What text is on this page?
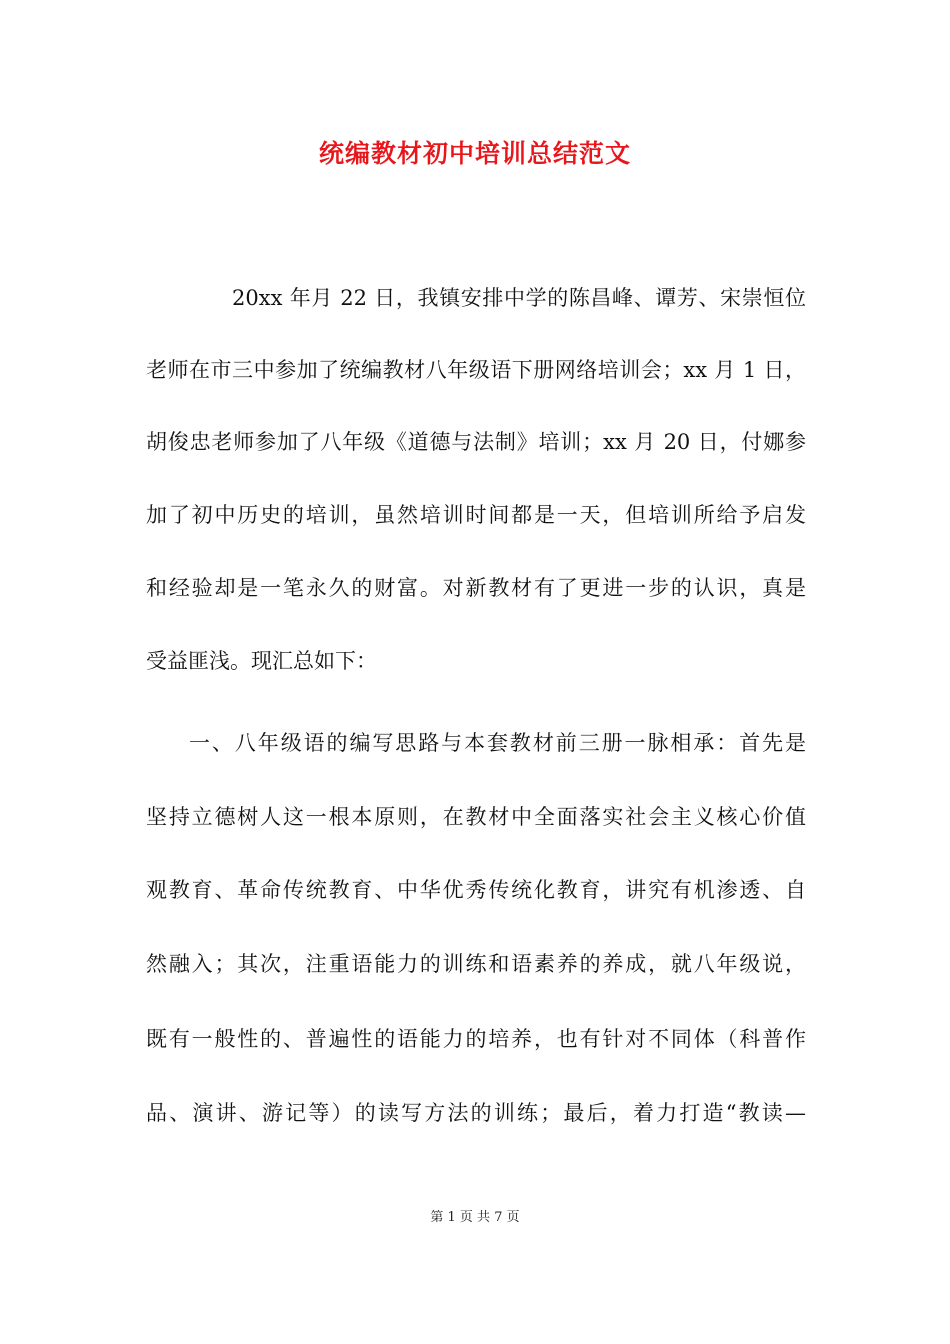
统编教材初中培训总结范文
20xx 年月 22 日，我镇安排中学的陈昌峰、谭芳、宋崇恒位
老师在市三中参加了统编教材八年级语下册网络培训会；xx 月 1 日，
胡俊忠老师参加了八年级《道德与法制》培训；xx 月 20 日，付娜参
加了初中历史的培训，虽然培训时间都是一天，但培训所给予启发
和经验却是一笔永久的财富。对新教材有了更进一步的认识，真是
受益匪浅。现汇总如下：
一、八年级语的编写思路与本套教材前三册一脉相承：首先是
坚持立德树人这一根本原则，在教材中全面落实社会主义核心价值
观教育、革命传统教育、中华优秀传统化教育，讲究有机渗透、自
然融入；其次，注重语能力的训练和语素养的养成，就八年级说，
既有一般性的、普遍性的语能力的培养，也有针对不同体（科普作
品、演讲、游记等）的读写方法的训练；最后，着力打造“教读—
第 1 页 共 7 页
